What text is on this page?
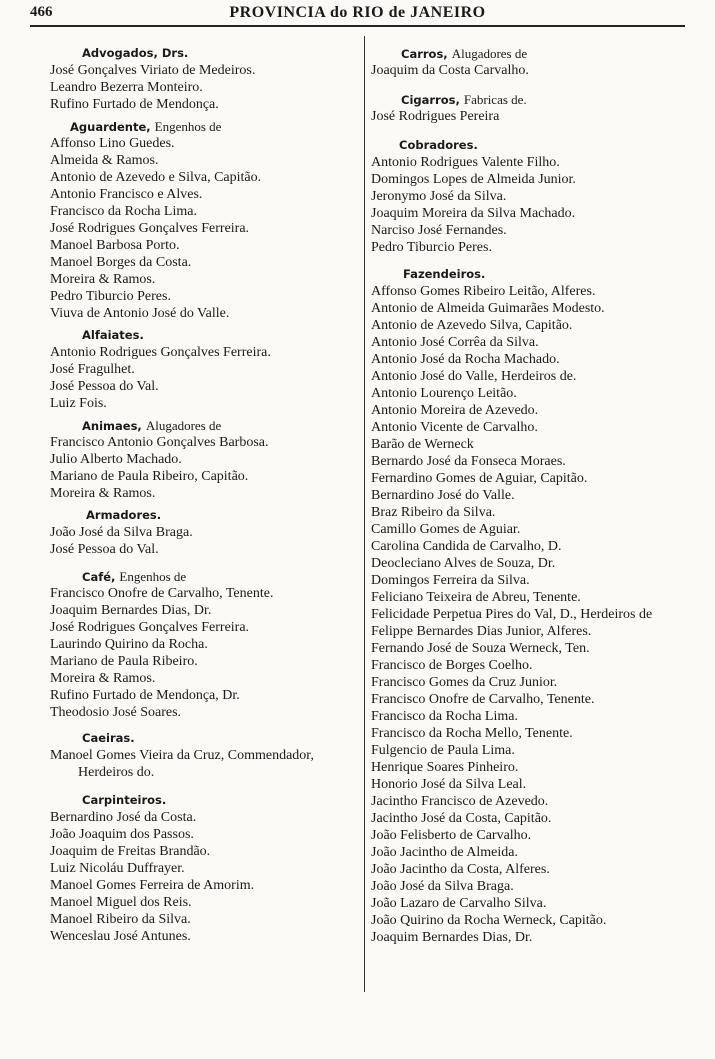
466	PROVINCIA do RIO de JANEIRO
Advogados, Drs.
José Gonçalves Viriato de Medeiros.
Leandro Bezerra Monteiro.
Rufino Furtado de Mendonça.
Aguardente, Engenhos de
Affonso Lino Guedes.
Almeida & Ramos.
Antonio de Azevedo e Silva, Capitão.
Antonio Francisco e Alves.
Francisco da Rocha Lima.
José Rodrigues Gonçalves Ferreira.
Manoel Barbosa Porto.
Manoel Borges da Costa.
Moreira & Ramos.
Pedro Tiburcio Peres.
Viuva de Antonio José do Valle.
Alfaiates.
Antonio Rodrigues Gonçalves Ferreira.
José Fragulhet.
José Pessoa do Val.
Luiz Fois.
Animaes, Alugadores de
Francisco Antonio Gonçalves Barbosa.
Julio Alberto Machado.
Mariano de Paula Ribeiro, Capitão.
Moreira & Ramos.
Armadores.
João José da Silva Braga.
José Pessoa do Val.
Café, Engenhos de
Francisco Onofre de Carvalho, Tenente.
Joaquim Bernardes Dias, Dr.
José Rodrigues Gonçalves Ferreira.
Laurindo Quirino da Rocha.
Mariano de Paula Ribeiro.
Moreira & Ramos.
Rufino Furtado de Mendonça, Dr.
Theodosio José Soares.
Caeiras.
Manoel Gomes Vieira da Cruz, Commendador, Herdeiros do.
Carpinteiros.
Bernardino José da Costa.
João Joaquim dos Passos.
Joaquim de Freitas Brandão.
Luiz Nicoláu Duffrayer.
Manoel Gomes Ferreira de Amorim.
Manoel Miguel dos Reis.
Manoel Ribeiro da Silva.
Wenceslau José Antunes.
Carros, Alugadores de
Joaquim da Costa Carvalho.
Cigarros, Fabricas de.
José Rodrigues Pereira
Cobradores.
Antonio Rodrigues Valente Filho.
Domingos Lopes de Almeida Junior.
Jeronymo José da Silva.
Joaquim Moreira da Silva Machado.
Narciso José Fernandes.
Pedro Tiburcio Peres.
Fazendeiros.
Affonso Gomes Ribeiro Leitão, Alferes.
Antonio de Almeida Guimarães Modesto.
Antonio de Azevedo Silva, Capitão.
Antonio José Corrêa da Silva.
Antonio José da Rocha Machado.
Antonio José do Valle, Herdeiros de.
Antonio Lourenço Leitão.
Antonio Moreira de Azevedo.
Antonio Vicente de Carvalho.
Barão de Werneck
Bernardo José da Fonseca Moraes.
Fernardino Gomes de Aguiar, Capitão.
Bernardino José do Valle.
Braz Ribeiro da Silva.
Camillo Gomes de Aguiar.
Carolina Candida de Carvalho, D.
Deocleciano Alves de Souza, Dr.
Domingos Ferreira da Silva.
Feliciano Teixeira de Abreu, Tenente.
Felicidade Perpetua Pires do Val, D., Herdeiros de
Felippe Bernardes Dias Junior, Alferes.
Fernando José de Souza Werneck, Ten.
Francisco de Borges Coelho.
Francisco Gomes da Cruz Junior.
Francisco Onofre de Carvalho, Tenente.
Francisco da Rocha Lima.
Francisco da Rocha Mello, Tenente.
Fulgencio de Paula Lima.
Henrique Soares Pinheiro.
Honorio José da Silva Leal.
Jacintho Francisco de Azevedo.
Jacintho José da Costa, Capitão.
João Felisberto de Carvalho.
João Jacintho de Almeida.
João Jacintho da Costa, Alferes.
João José da Silva Braga.
João Lazaro de Carvalho Silva.
João Quirino da Rocha Werneck, Capitão.
Joaquim Bernardes Dias, Dr.
